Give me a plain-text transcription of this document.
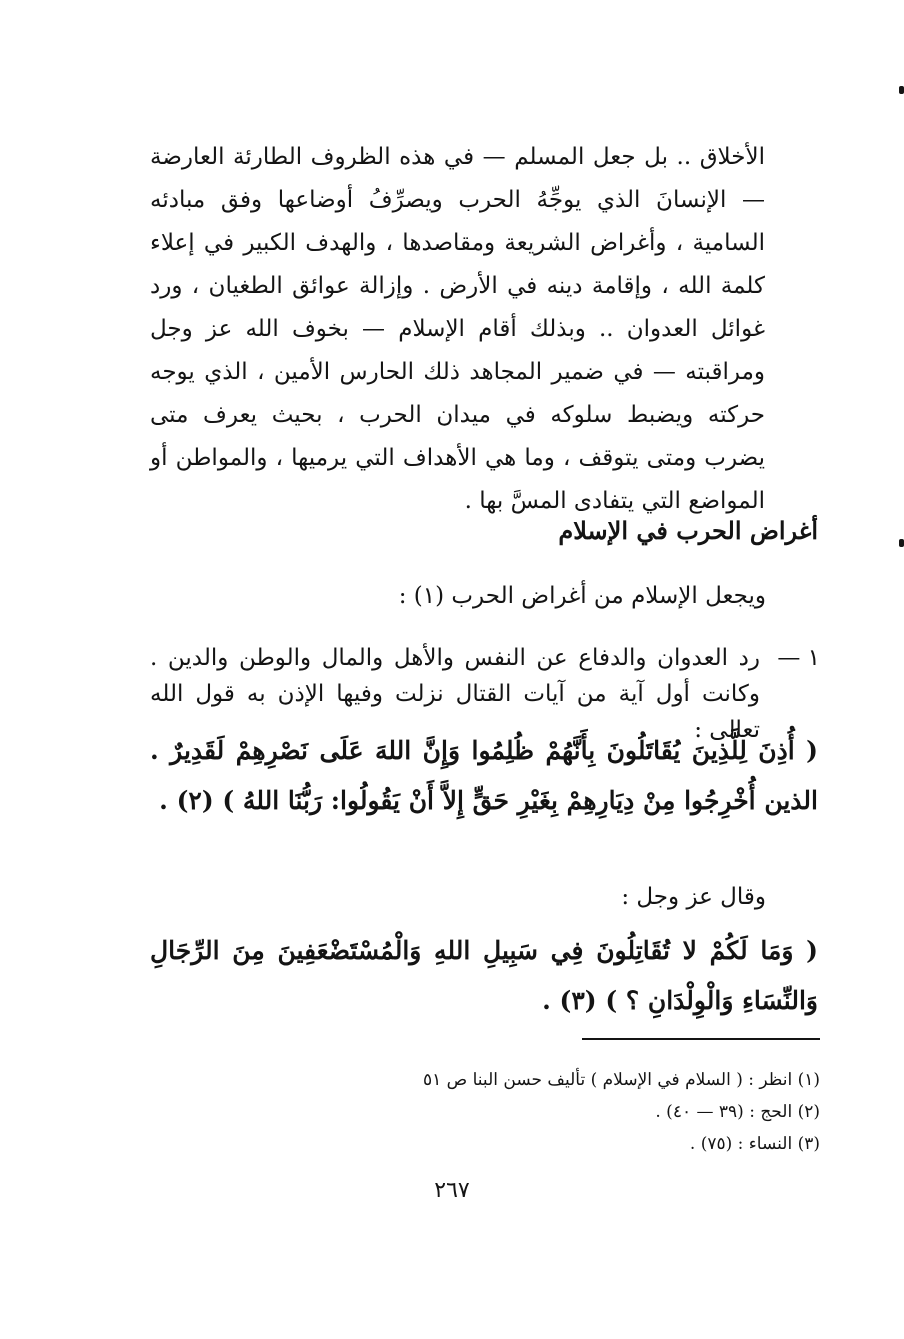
الأخلاق .. بل جعل المسلم — في هذه الظروف الطارئة العارضة — الإنسانَ الذي يوجِّهُ الحرب ويصرِّفُ أوضاعها وفق مبادئه السامية ، وأغراض الشريعة ومقاصدها ، والهدف الكبير في إعلاء كلمة الله ، وإقامة دينه في الأرض . وإزالة عوائق الطغيان ، ورد غوائل العدوان .. وبذلك أقام الإسلام — بخوف الله عز وجل ومراقبته — في ضمير المجاهد ذلك الحارس الأمين ، الذي يوجه حركته ويضبط سلوكه في ميدان الحرب ، بحيث يعرف متى يضرب ومتى يتوقف ، وما هي الأهداف التي يرميها ، والمواطن أو المواضع التي يتفادى المسَّ بها .
أغراض الحرب في الإسلام

ويجعل الإسلام من أغراض الحرب (١) :

١ —
رد العدوان والدفاع عن النفس والأهل والمال والوطن والدين . وكانت أول آية من آيات القتال نزلت وفيها الإذن به قول الله تعالى :
( أُذِنَ لِلَّذِينَ يُقَاتَلُونَ بِأَنَّهُمْ ظُلِمُوا وَإِنَّ اللهَ عَلَى نَصْرِهِمْ لَقَدِيرٌ . الذين أُخْرِجُوا مِنْ دِيَارِهِمْ بِغَيْرِ حَقٍّ إِلاَّ أَنْ يَقُولُوا: رَبُّنَا اللهُ ) (٢) .

وقال عز وجل :

( وَمَا لَكُمْ لا تُقَاتِلُونَ فِي سَبِيلِ اللهِ وَالْمُسْتَضْعَفِينَ مِنَ الرِّجَالِ وَالنِّسَاءِ وَالْوِلْدَانِ ؟ ) (٣) .

(١) انظر : ( السلام في الإسلام ) تأليف حسن البنا ص ٥١

(٢) الحج : (٣٩ — ٤٠) .

(٣) النساء : (٧٥) .

٢٦٧
